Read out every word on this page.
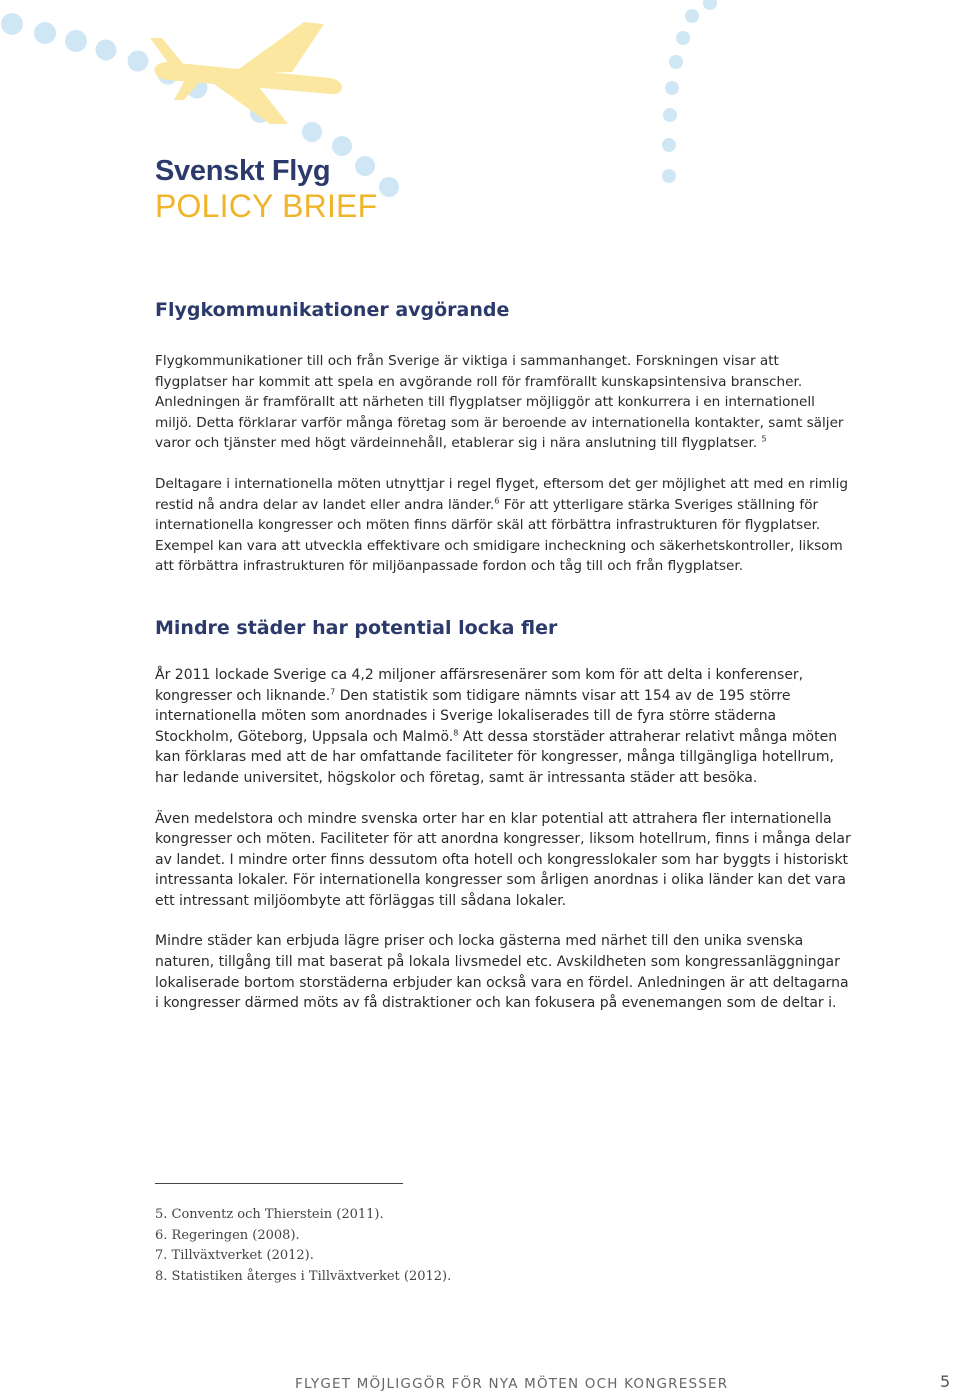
Svenskt Flyg
POLICY BRIEF
Flygkommunikationer avgörande

Flygkommunikationer till och från Sverige är viktiga i sammanhanget. Forskningen visar att flygplatser har kommit att spela en avgörande roll för framförallt kunskapsintensiva branscher. Anledningen är framförallt att närheten till flygplatser möjliggör att konkurrera i en internationell miljö. Detta förklarar varför många företag som är beroende av internationella kontakter, samt säljer varor och tjänster med högt värdeinnehåll, etablerar sig i nära anslutning till flygplatser. $^5$

Deltagare i internationella möten utnyttjar i regel flyget, eftersom det ger möjlighet att med en rimlig restid nå andra delar av landet eller andra länder.$^6$ För att ytterligare stärka Sveriges ställning för internationella kongresser och möten finns därför skäl att förbättra infrastrukturen för flygplatser. Exempel kan vara att utveckla effektivare och smidigare incheckning och säkerhetskontroller, liksom att förbättra infrastrukturen för miljöanpassade fordon och tåg till och från flygplatser.

Mindre städer har potential locka fler

År 2011 lockade Sverige ca 4,2 miljoner affärsresenärer som kom för att delta i konferenser, kongresser och liknande.$^7$ Den statistik som tidigare nämnts visar att 154 av de 195 större internationella möten som anordnades i Sverige lokaliserades till de fyra större städerna Stockholm, Göteborg, Uppsala och Malmö.$^8$ Att dessa storstäder attraherar relativt många möten kan förklaras med att de har omfattande faciliteter för kongresser, många tillgängliga hotellrum, har ledande universitet, högskolor och företag, samt är intressanta städer att besöka.

Även medelstora och mindre svenska orter har en klar potential att attrahera fler internationella kongresser och möten. Faciliteter för att anordna kongresser, liksom hotellrum, finns i många delar av landet. I mindre orter finns dessutom ofta hotell och kongresslokaler som har byggts i historiskt intressanta lokaler. För internationella kongresser som årligen anordnas i olika länder kan det vara ett intressant miljöombyte att förläggas till sådana lokaler.

Mindre städer kan erbjuda lägre priser och locka gästerna med närhet till den unika svenska naturen, tillgång till mat baserat på lokala livsmedel etc. Avskildheten som kongressanläggningar lokaliserade bortom storstäderna erbjuder kan också vara en fördel. Anledningen är att deltagarna i kongresser därmed möts av få distraktioner och kan fokusera på evenemangen som de deltar i.

5. Conventz och Thierstein (2011).
6. Regeringen (2008).
7. Tillväxtverket (2012).
8. Statistiken återges i Tillväxtverket (2012).
FLYGET MÖJLIGGÖR FÖR NYA MÖTEN OCH KONGRESSER	5
